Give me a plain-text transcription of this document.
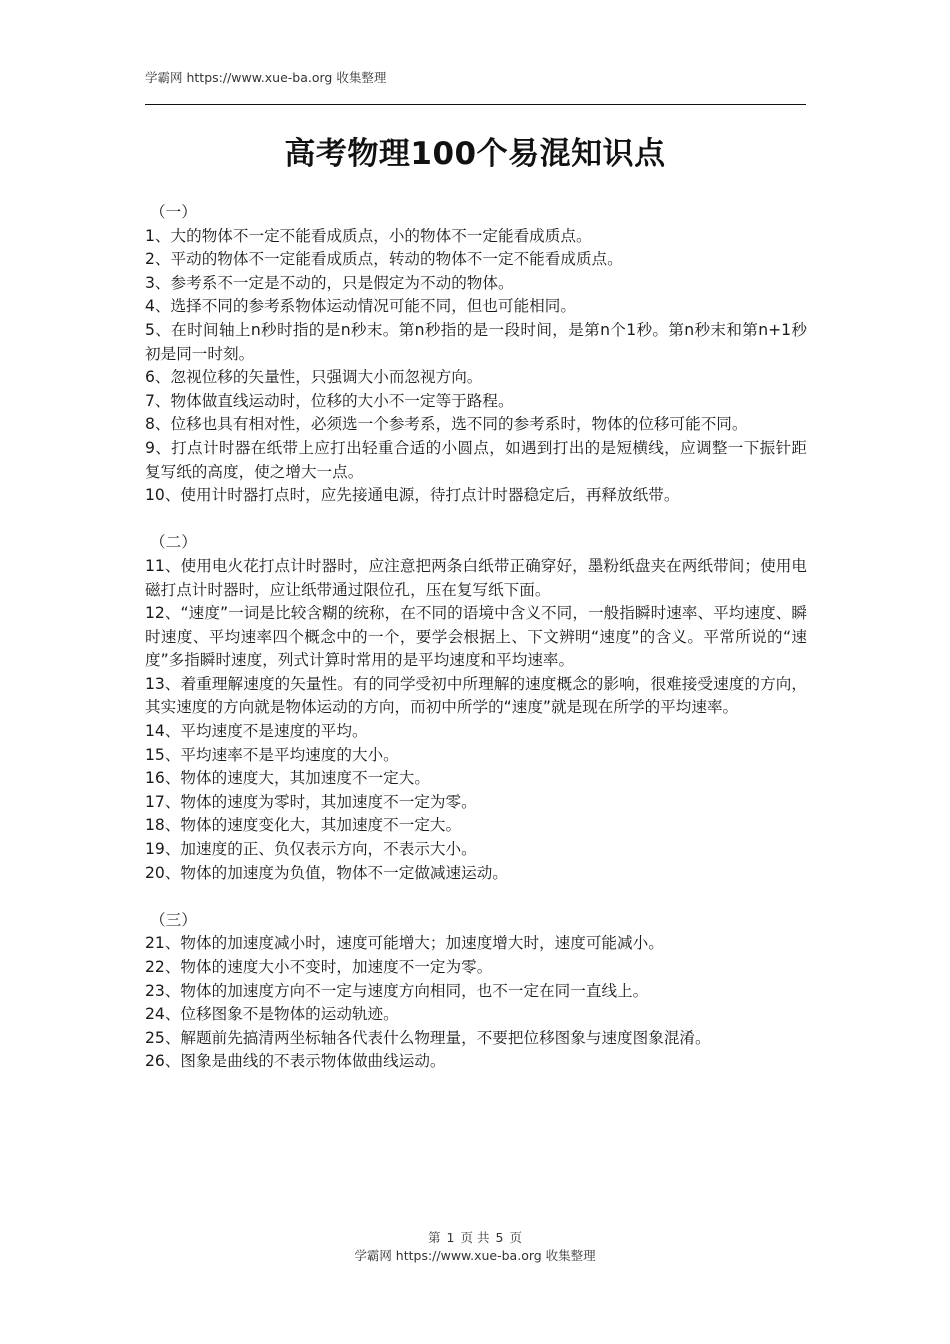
学霸网 https://www.xue-ba.org 收集整理
高考物理100个易混知识点
（一）
1、大的物体不一定不能看成质点，小的物体不一定能看成质点。
2、平动的物体不一定能看成质点，转动的物体不一定不能看成质点。
3、参考系不一定是不动的，只是假定为不动的物体。
4、选择不同的参考系物体运动情况可能不同，但也可能相同。
5、在时间轴上n秒时指的是n秒末。第n秒指的是一段时间，是第n个1秒。第n秒末和第n+1秒初是同一时刻。
6、忽视位移的矢量性，只强调大小而忽视方向。
7、物体做直线运动时，位移的大小不一定等于路程。
8、位移也具有相对性，必须选一个参考系，选不同的参考系时，物体的位移可能不同。
9、打点计时器在纸带上应打出轻重合适的小圆点，如遇到打出的是短横线，应调整一下振针距复写纸的高度，使之增大一点。
10、使用计时器打点时，应先接通电源，待打点计时器稳定后，再释放纸带。
（二）
11、使用电火花打点计时器时，应注意把两条白纸带正确穿好，墨粉纸盘夹在两纸带间；使用电磁打点计时器时，应让纸带通过限位孔，压在复写纸下面。
12、“速度”一词是比较含糊的统称，在不同的语境中含义不同，一般指瞬时速率、平均速度、瞬时速度、平均速率四个概念中的一个，要学会根据上、下文辨明“速度”的含义。平常所说的“速度”多指瞬时速度，列式计算时常用的是平均速度和平均速率。
13、着重理解速度的矢量性。有的同学受初中所理解的速度概念的影响，很难接受速度的方向，其实速度的方向就是物体运动的方向，而初中所学的“速度”就是现在所学的平均速率。
14、平均速度不是速度的平均。
15、平均速率不是平均速度的大小。
16、物体的速度大，其加速度不一定大。
17、物体的速度为零时，其加速度不一定为零。
18、物体的速度变化大，其加速度不一定大。
19、加速度的正、负仅表示方向，不表示大小。
20、物体的加速度为负值，物体不一定做减速运动。
（三）
21、物体的加速度减小时，速度可能增大；加速度增大时，速度可能减小。
22、物体的速度大小不变时，加速度不一定为零。
23、物体的加速度方向不一定与速度方向相同，也不一定在同一直线上。
24、位移图象不是物体的运动轨迹。
25、解题前先搞清两坐标轴各代表什么物理量，不要把位移图象与速度图象混淆。
26、图象是曲线的不表示物体做曲线运动。
第 1 页 共 5 页
学霸网 https://www.xue-ba.org 收集整理
